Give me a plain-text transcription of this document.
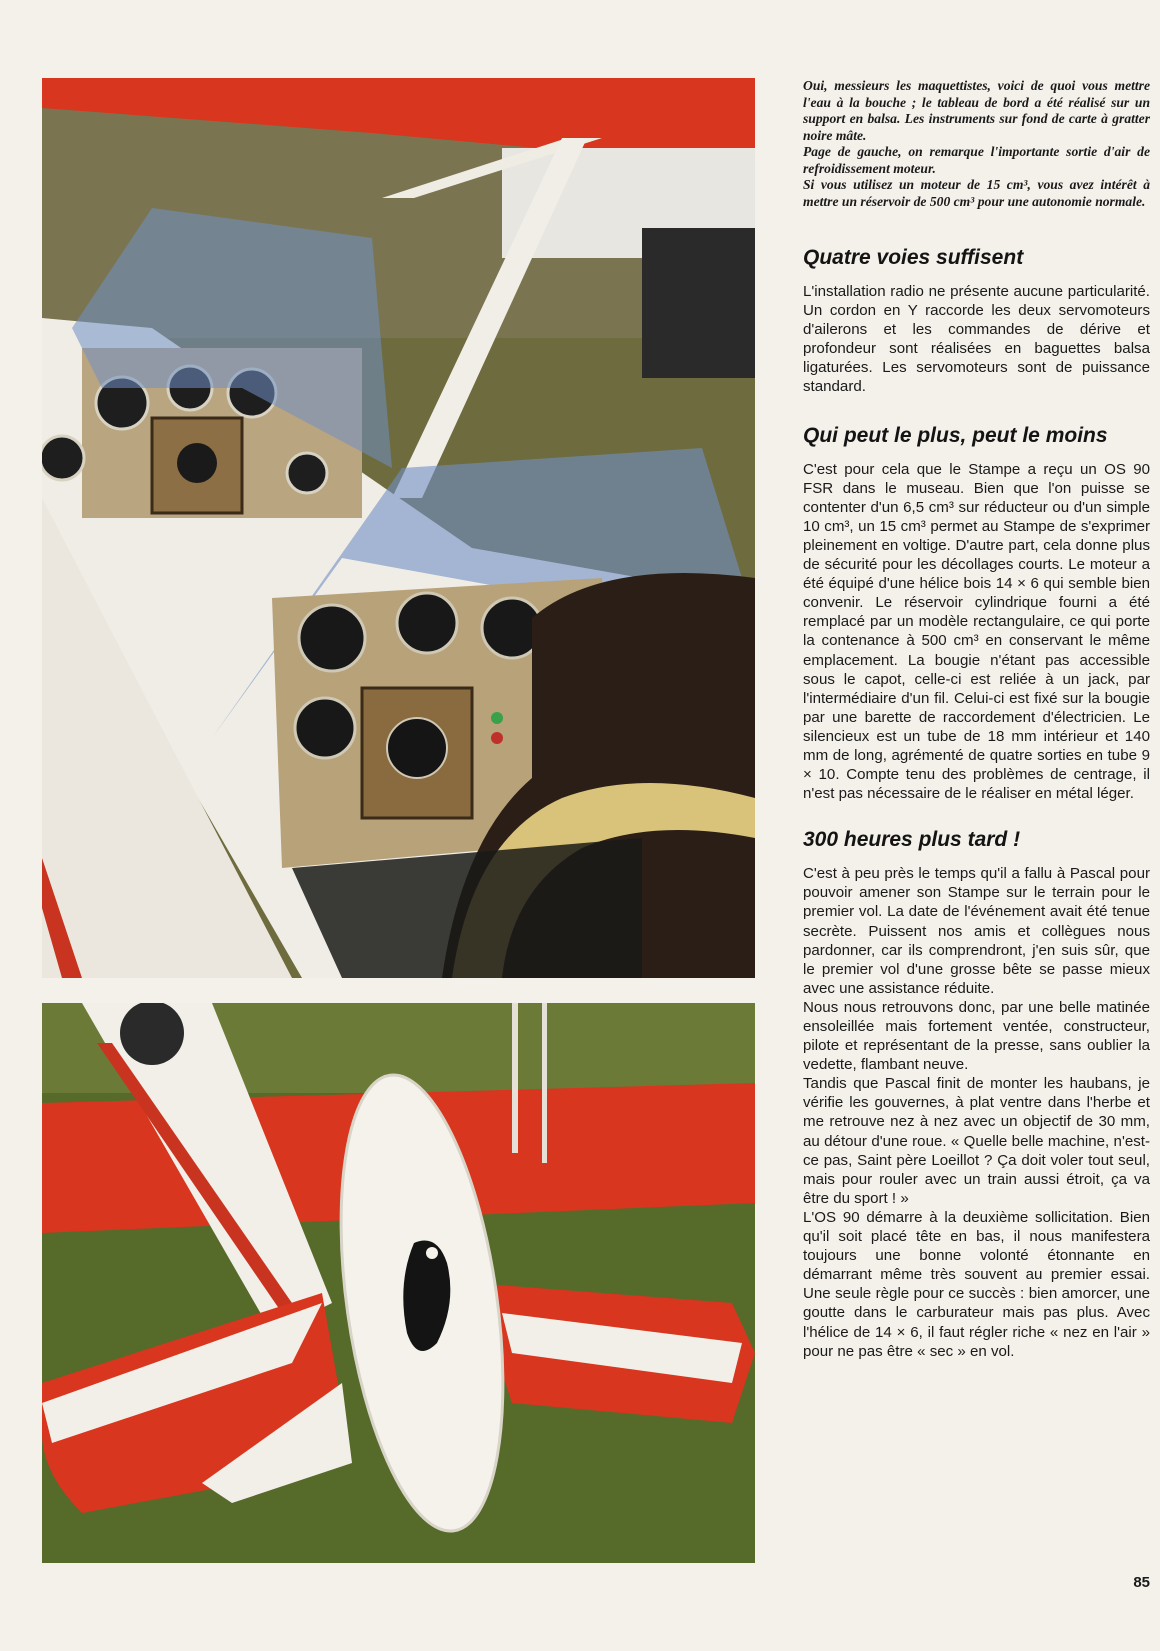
Oui, messieurs les maquettistes, voici de quoi vous mettre l'eau à la bouche ; le tableau de bord a été réalisé sur un support en balsa. Les instruments sur fond de carte à gratter noire mâte.

Page de gauche, on remarque l'importante sortie d'air de refroidissement moteur.

Si vous utilisez un moteur de 15 cm³, vous avez intérêt à mettre un réservoir de 500 cm³ pour une autonomie normale.

Quatre voies suffisent

L'installation radio ne présente aucune particularité. Un cordon en Y raccorde les deux servomoteurs d'ailerons et les commandes de dérive et profondeur sont réalisées en baguettes balsa ligaturées. Les servomoteurs sont de puissance standard.

Qui peut le plus, peut le moins

C'est pour cela que le Stampe a reçu un OS 90 FSR dans le museau. Bien que l'on puisse se contenter d'un 6,5 cm³ sur réducteur ou d'un simple 10 cm³, un 15 cm³ permet au Stampe de s'exprimer pleinement en voltige. D'autre part, cela donne plus de sécurité pour les décollages courts. Le moteur a été équipé d'une hélice bois 14 × 6 qui semble bien convenir. Le réservoir cylindrique fourni a été remplacé par un modèle rectangulaire, ce qui porte la contenance à 500 cm³ en conservant le même emplacement. La bougie n'étant pas accessible sous le capot, celle-ci est reliée à un jack, par l'intermédiaire d'un fil. Celui-ci est fixé sur la bougie par une barette de raccordement d'électricien. Le silencieux est un tube de 18 mm intérieur et 140 mm de long, agrémenté de quatre sorties en tube 9 × 10. Compte tenu des problèmes de centrage, il n'est pas nécessaire de le réaliser en métal léger.

300 heures plus tard !

C'est à peu près le temps qu'il a fallu à Pascal pour pouvoir amener son Stampe sur le terrain pour le premier vol. La date de l'événement avait été tenue secrète. Puissent nos amis et collègues nous pardonner, car ils comprendront, j'en suis sûr, que le premier vol d'une grosse bête se passe mieux avec une assistance réduite.

Nous nous retrouvons donc, par une belle matinée ensoleillée mais fortement ventée, constructeur, pilote et représentant de la presse, sans oublier la vedette, flambant neuve.

Tandis que Pascal finit de monter les haubans, je vérifie les gouvernes, à plat ventre dans l'herbe et me retrouve nez à nez avec un objectif de 30 mm, au détour d'une roue. « Quelle belle machine, n'est-ce pas, Saint père Loeillot ? Ça doit voler tout seul, mais pour rouler avec un train aussi étroit, ça va être du sport ! »

L'OS 90 démarre à la deuxième sollicitation. Bien qu'il soit placé tête en bas, il nous manifestera toujours une bonne volonté étonnante en démarrant même très souvent au premier essai. Une seule règle pour ce succès : bien amorcer, une goutte dans le carburateur mais pas plus. Avec l'hélice de 14 × 6, il faut régler riche « nez en l'air » pour ne pas être « sec » en vol.

85
